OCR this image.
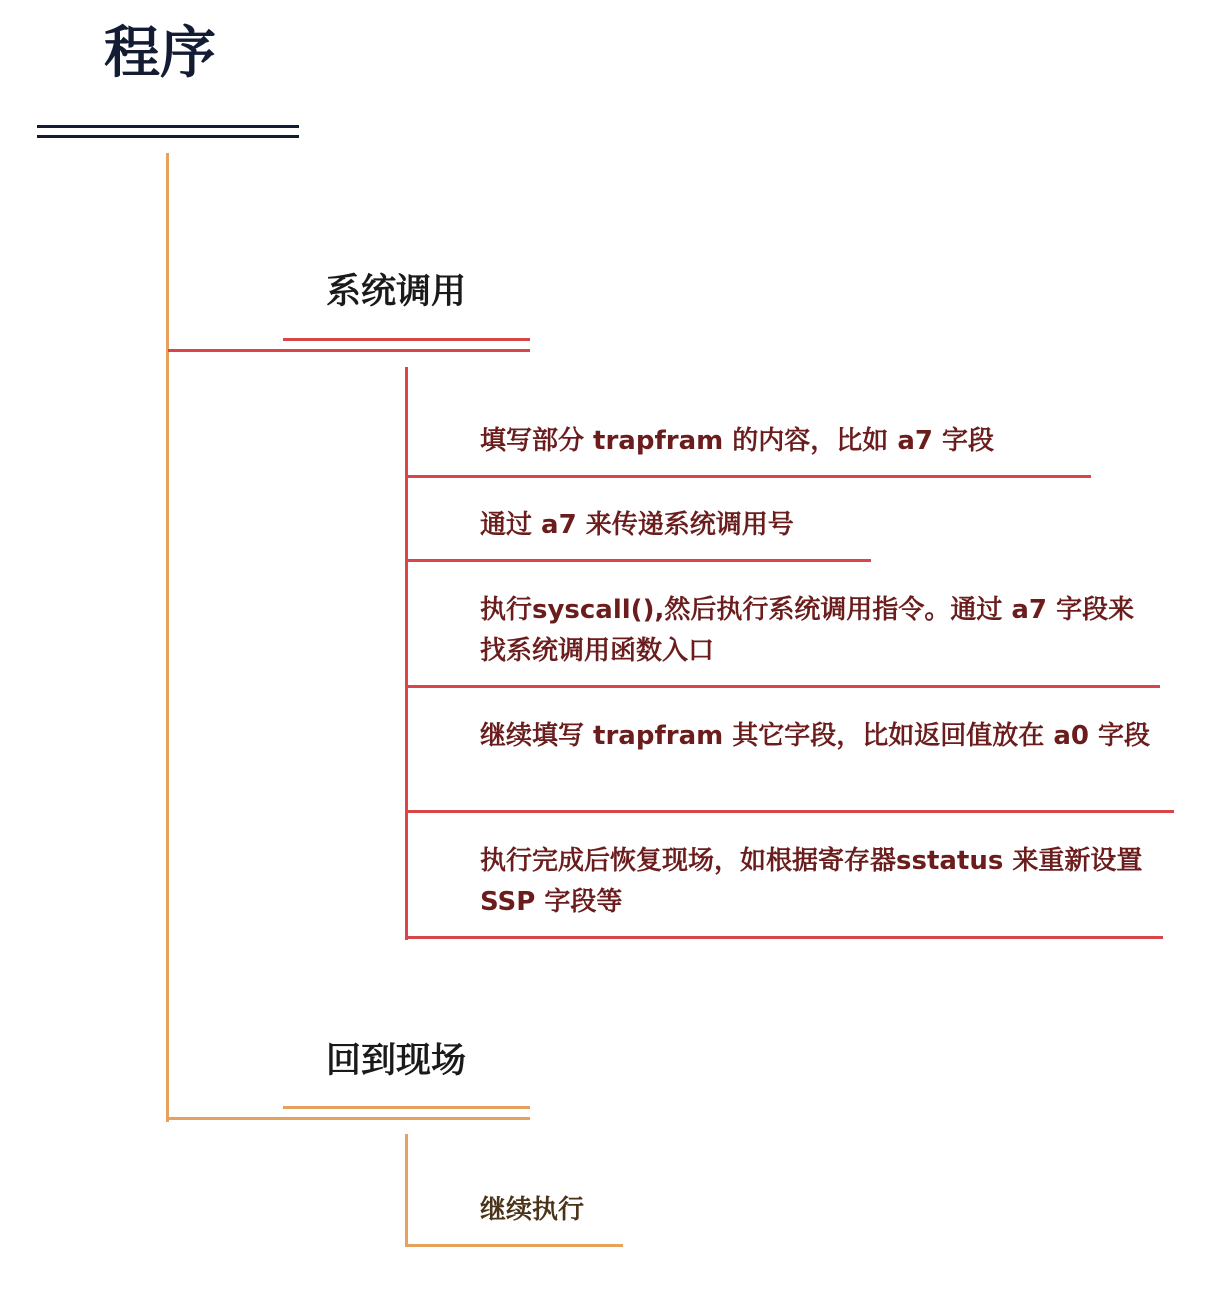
程序
系统调用
填写部分 trapfram 的内容，比如 a7 字段
通过 a7 来传递系统调用号
执行syscall(),然后执行系统调用指令。通过 a7 字段来找系统调用函数入口
继续填写 trapfram 其它字段，比如返回值放在 a0 字段
执行完成后恢复现场，如根据寄存器sstatus 来重新设置 SSP 字段等
回到现场
继续执行
